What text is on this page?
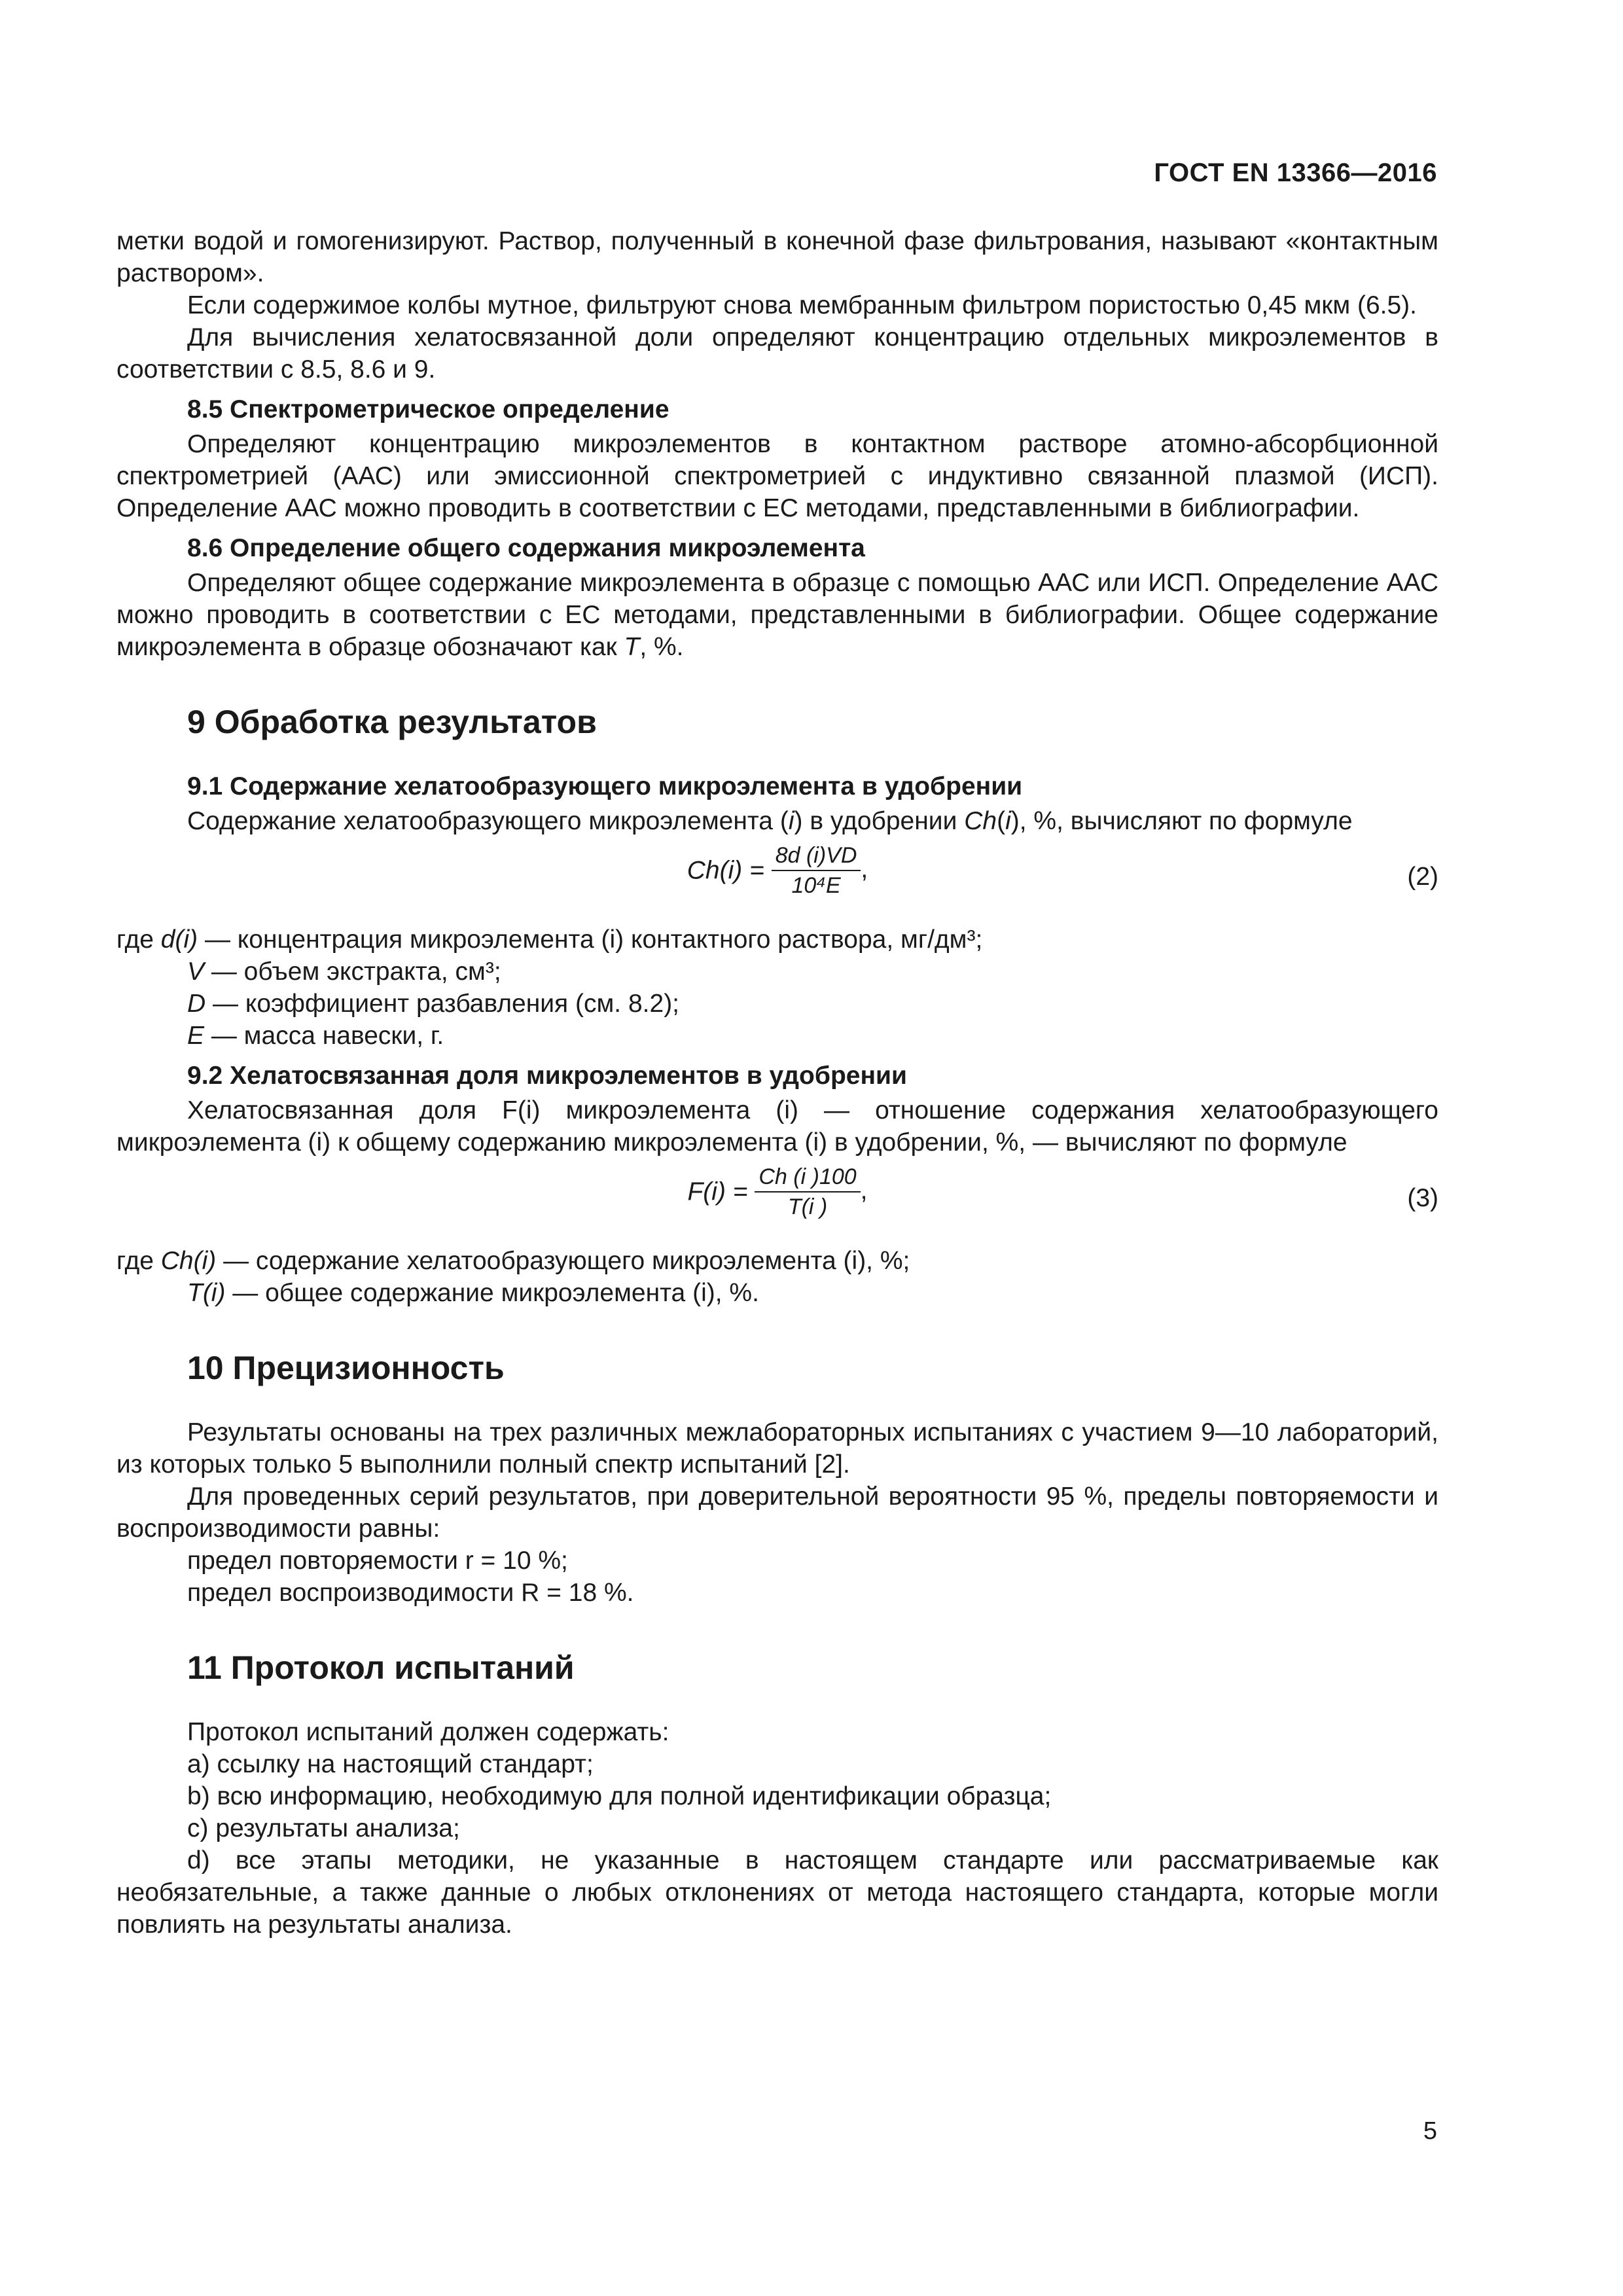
ГОСТ EN 13366—2016

метки водой и гомогенизируют. Раствор, полученный в конечной фазе фильтрования, называют «контактным раствором».

Если содержимое колбы мутное, фильтруют снова мембранным фильтром пористостью 0,45 мкм (6.5).

Для вычисления хелатосвязанной доли определяют концентрацию отдельных микроэлементов в соответствии с 8.5, 8.6 и 9.

8.5 Спектрометрическое определение

Определяют концентрацию микроэлементов в контактном растворе атомно-абсорбционной спектрометрией (ААС) или эмиссионной спектрометрией с индуктивно связанной плазмой (ИСП). Определение ААС можно проводить в соответствии с ЕС методами, представленными в библиографии.

8.6 Определение общего содержания микроэлемента

Определяют общее содержание микроэлемента в образце с помощью ААС или ИСП. Определение ААС можно проводить в соответствии с ЕС методами, представленными в библиографии. Общее содержание микроэлемента в образце обозначают как T, %.

9 Обработка результатов
9.1 Содержание хелатообразующего микроэлемента в удобрении

Содержание хелатообразующего микроэлемента (i) в удобрении Ch(i), %, вычисляют по формуле

$Ch(i) = \frac{8d (i)VD}{\text{10⁴E}}$ ,	(2)

где d(i) — концентрация микроэлемента (i) контактного раствора, мг/дм³;

V — объем экстракта, см³;

D — коэффициент разбавления (см. 8.2);

E — масса навески, г.

9.2 Хелатосвязанная доля микроэлементов в удобрении

Хелатосвязанная доля F(i) микроэлемента (i) — отношение содержания хелатообразующего микроэлемента (i) к общему содержанию микроэлемента (i) в удобрении, %, — вычисляют по формуле

$F(i) = \frac{Ch (i )100}{T(i )}$ ,	(3)

где Ch(i) — содержание хелатообразующего микроэлемента (i), %;

T(i) — общее содержание микроэлемента (i), %.

10 Прецизионность

Результаты основаны на трех различных межлабораторных испытаниях с участием 9—10 лабораторий, из которых только 5 выполнили полный спектр испытаний [2].

Для проведенных серий результатов, при доверительной вероятности 95 %, пределы повторяемости и воспроизводимости равны:

предел повторяемости r = 10 %;

предел воспроизводимости R = 18 %.

11 Протокол испытаний

Протокол испытаний должен содержать:

a) ссылку на настоящий стандарт;

b) всю информацию, необходимую для полной идентификации образца;

c) результаты анализа;

d) все этапы методики, не указанные в настоящем стандарте или рассматриваемые как необязательные, а также данные о любых отклонениях от метода настоящего стандарта, которые могли повлиять на результаты анализа.

5
